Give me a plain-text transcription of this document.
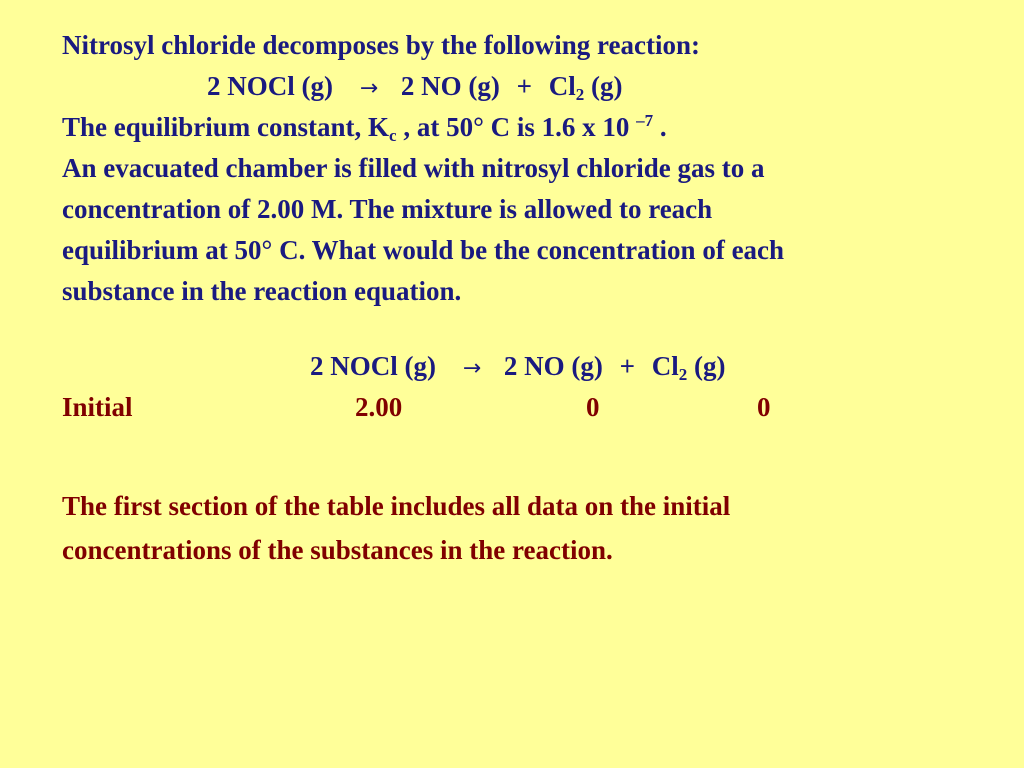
Nitrosyl chloride decomposes by the following reaction:
2 NOCl (g) → 2 NO $(g) + Cl_2$ (g)
The equilibrium constant, $K_c$ , at 50° C is 1.6 x 10 $^{-7}$ .
An evacuated chamber is filled with nitrosyl chloride gas to a
concentration of 2.00 M. The mixture is allowed to reach
equilibrium at 50° C. What would be the concentration of each
substance in the reaction equation.
2 NOCl (g) → 2 NO $(g) + Cl_2$ (g)
Initial	2.00	0	0
The first section of the table includes all data on the initial
concentrations of the substances in the reaction.
